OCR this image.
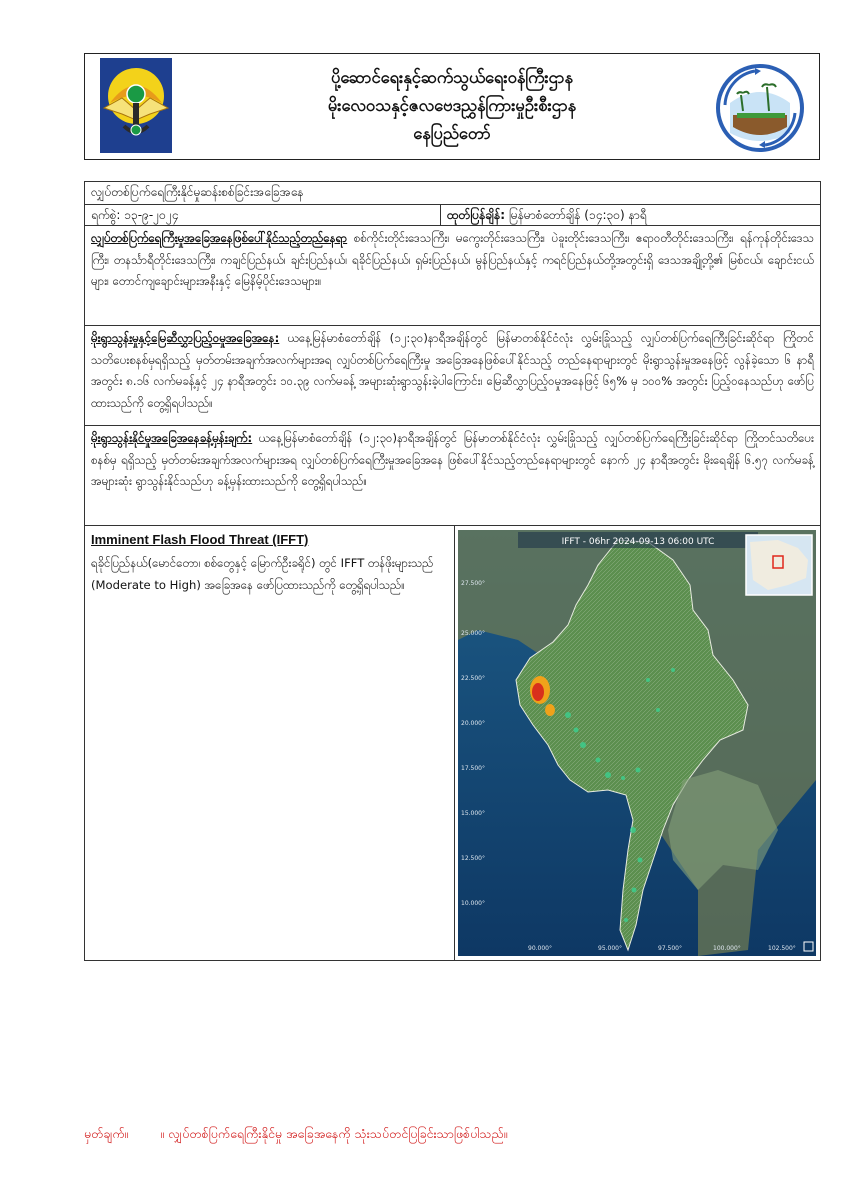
ပို့ဆောင်ရေးနှင့်ဆက်သွယ်ရေးဝန်ကြီးဌာန
မိုးလေဝသနှင့်ဇလဗေဒညွှန်ကြားမှုဦးစီးဌာန
နေပြည်တော်
လျှပ်တစ်ပြက်ရေကြီးနိုင်မှုဆန်းစစ်ခြင်းအခြေအနေ
ရက်စွဲ: ၁၃-၉-၂၀၂၄	ထုတ်ပြန်ချိန်: မြန်မာစံတော်ချိန် (၁၄:၃၀) နာရီ
လျှပ်တစ်ပြက်ရေကြီးမှုအခြေအနေဖြစ်ပေါ်နိုင်သည့်တည်နေရာ စစ်ကိုင်းတိုင်းဒေသကြီး၊ မကွေးတိုင်းဒေသကြီး၊ ပဲခူးတိုင်းဒေသကြီး၊ ဧရာဝတီတိုင်းဒေသကြီး၊ ရန်ကုန်တိုင်းဒေသကြီး၊ တနင်္သာရီတိုင်းဒေသကြီး၊ ကချင်ပြည်နယ်၊ ချင်းပြည်နယ်၊ ရခိုင်ပြည်နယ်၊ ရှမ်းပြည်နယ်၊ မွန်ပြည်နယ်နှင့် ကရင်ပြည်နယ်တို့အတွင်းရှိ ဒေသအချို့တို့၏ မြစ်ငယ်၊ ချောင်းငယ်များ၊ တောင်ကျချောင်းများအနီးနှင့် မြေနိမ့်ပိုင်းဒေသများ။
မိုးရွာသွန်းမှုနှင့်မြေဆီလွှာပြည့်ဝမှုအခြေအနေ: ယနေ့မြန်မာစံတော်ချိန် (၁၂:၃၀)နာရီအချိန်တွင် မြန်မာတစ်နိုင်ငံလုံး လွှမ်းခြုံသည့် လျှပ်တစ်ပြက်ရေကြီးခြင်းဆိုင်ရာ ကြိုတင်သတိပေးစနစ်မှရရှိသည့် မှတ်တမ်းအချက်အလက်များအရ လျှပ်တစ်ပြက်ရေကြီးမှု အခြေအနေဖြစ်ပေါ်နိုင်သည့် တည်နေရာများတွင် မိုးရွာသွန်းမှုအနေဖြင့် လွန်ခဲ့သော ၆ နာရီအတွင်း ၈.၁၆ လက်မခန့်နှင့် ၂၄ နာရီအတွင်း ၁၀.၃၉ လက်မခန့် အများဆုံးရွာသွန်းခဲ့ပါကြောင်း၊ မြေဆီလွှာပြည့်ဝမှုအနေဖြင့် ၆၅% မှ ၁၀၀% အတွင်း ပြည့်ဝနေသည်ဟု ဖော်ပြထားသည်ကို တွေ့ရှိရပါသည်။
မိုးရွာသွန်းနိုင်မှုအခြေအနေခန့်မှန်းချက်: ယနေ့မြန်မာစံတော်ချိန် (၁၂:၃၀)နာရီအချိန်တွင် မြန်မာတစ်နိုင်ငံလုံး လွှမ်းခြုံသည့် လျှပ်တစ်ပြက်ရေကြီးခြင်းဆိုင်ရာ ကြိုတင်သတိပေးစနစ်မှ ရရှိသည့် မှတ်တမ်းအချက်အလက်များအရ လျှပ်တစ်ပြက်ရေကြီးမှုအခြေအနေ ဖြစ်ပေါ်နိုင်သည့်တည်နေရာများတွင် နောက် ၂၄ နာရီအတွင်း မိုးရေချိန် ၆.၅၇ လက်မခန့် အများဆုံး ရွာသွန်းနိုင်သည်ဟု ခန့်မှန်းထားသည်ကို တွေ့ရှိရပါသည်။
Imminent Flash Flood Threat (IFFT)
ရခိုင်ပြည်နယ်(မောင်တော၊ စစ်တွေနှင့် မြောက်ဦးခရိုင်) တွင် IFFT တန်ဖိုးများသည် (Moderate to High) အခြေအနေ ဖော်ပြထားသည်ကို တွေ့ရှိရပါသည်။
IFFT - 06hr 2024-09-13 06:00 UTC
27.500°
25.000°
22.500°
20.000°
17.500°
15.000°
12.500°
10.000°
90.000°	95.000°	97.500°	100.000°	102.500°
မှတ်ချက်။	။ လျှပ်တစ်ပြက်ရေကြီးနိုင်မှု အခြေအနေကို သုံးသပ်တင်ပြခြင်းသာဖြစ်ပါသည်။
